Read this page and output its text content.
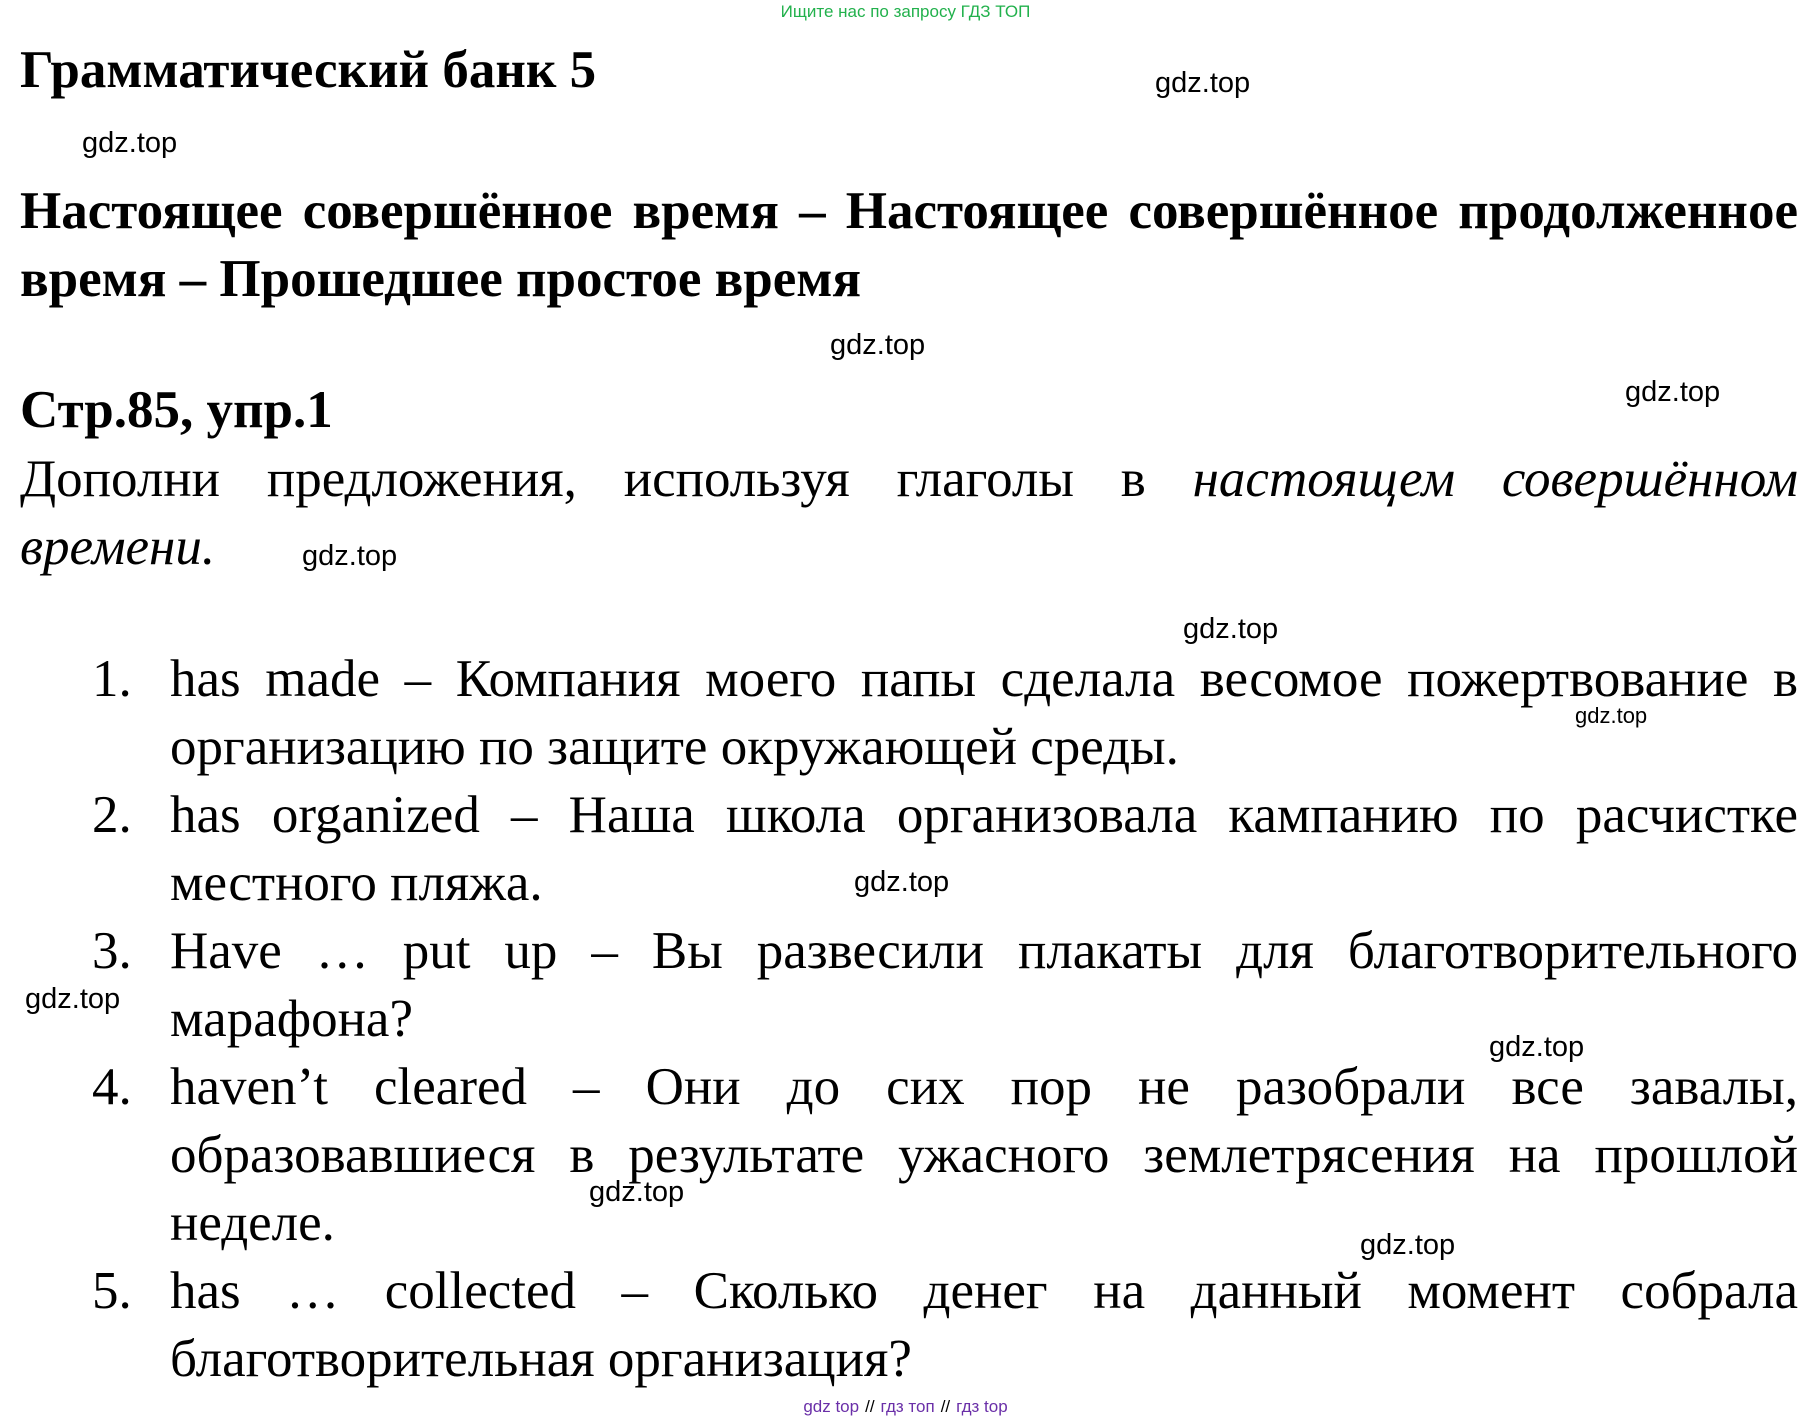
Ищите нас по запросу ГДЗ ТОП
Грамматический банк 5
Настоящее совершённое время – Настоящее совершённое продолженное время – Прошедшее простое время
Стр.85, упр.1
Дополни предложения, используя глаголы в настоящем совершённом времени.
1. has made – Компания моего папы сделала весомое пожертвование в организацию по защите окружающей среды.
2. has organized – Наша школа организовала кампанию по расчистке местного пляжа.
3. Have … put up – Вы развесили плакаты для благотворительного марафона?
4. haven’t cleared – Они до сих пор не разобрали все завалы, образовавшиеся в результате ужасного землетрясения на прошлой неделе.
5. has … collected – Сколько денег на данный момент собрала благотворительная организация?
gdz.top
gdz.top
gdz.top
gdz.top
gdz.top
gdz.top
gdz.top
gdz.top
gdz.top
gdz.top
gdz.top
gdz.top
gdz top // гдз топ // гдз top
